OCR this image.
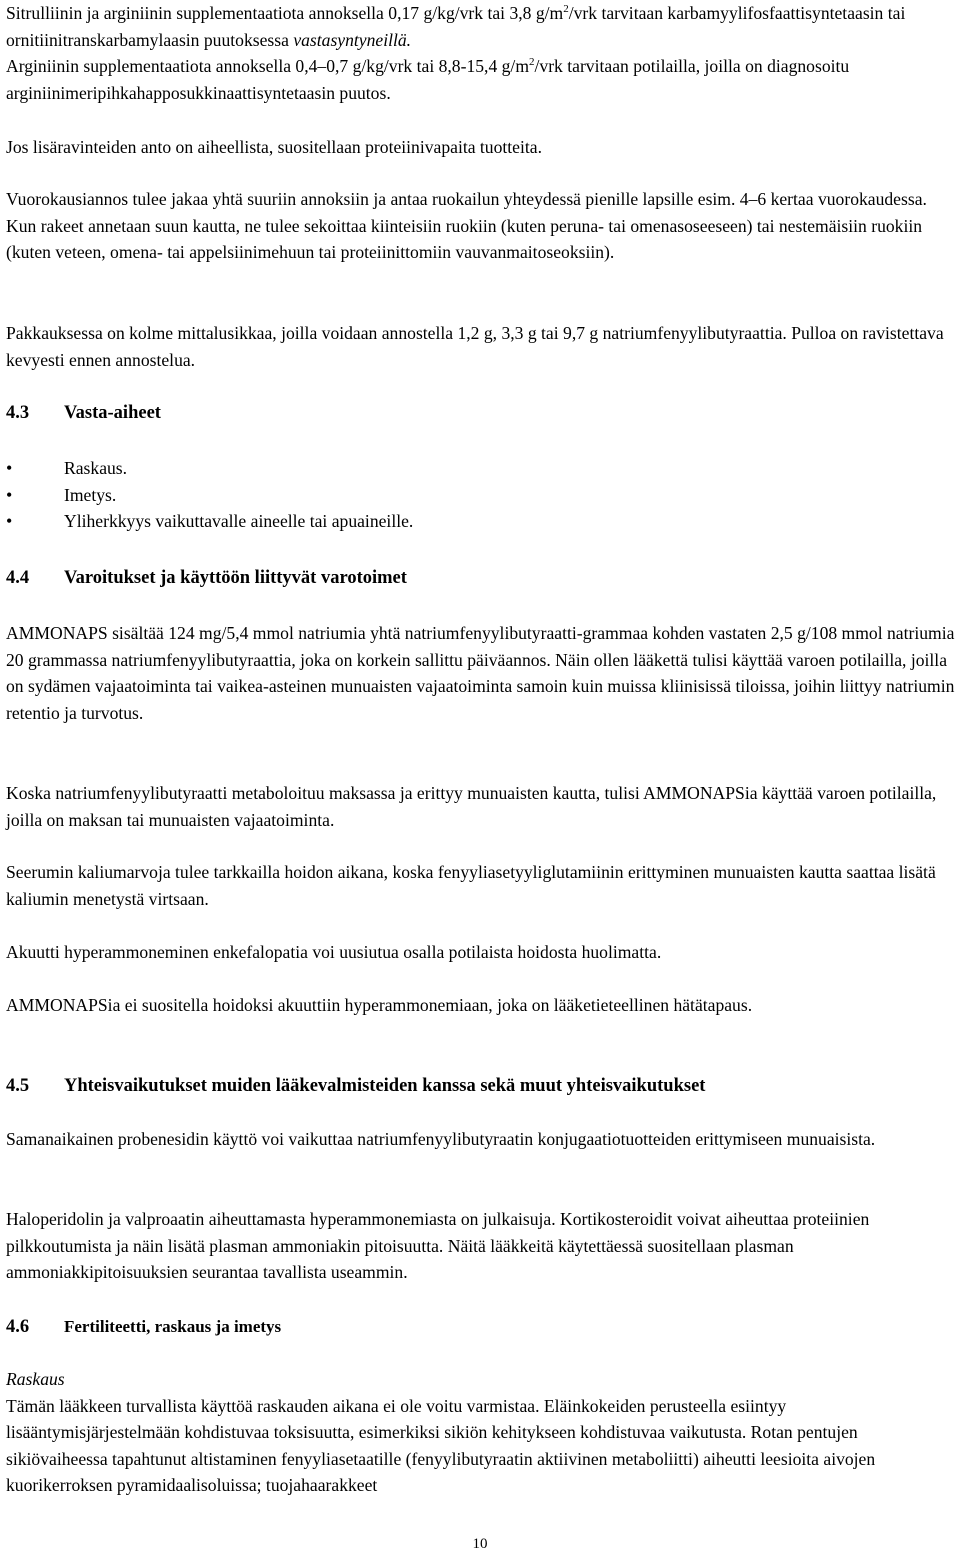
Sitrulliinin ja arginiinin supplementaatiota annoksella 0,17 g/kg/vrk tai 3,8 $g/m^2$/vrk tarvitaan karbamyylifosfaattisyntetaasin tai ornitiinitranskarbamylaasin puutoksessa vastasyntyneillä.

Arginiinin supplementaatiota annoksella 0,4–0,7 g/kg/vrk tai 8,8-15,4 $g/m^2$/vrk tarvitaan potilailla, joilla on diagnosoitu arginiinimeripihkahapposukkinaattisyntetaasin puutos.

Jos lisäravinteiden anto on aiheellista, suositellaan proteiinivapaita tuotteita.

Vuorokausiannos tulee jakaa yhtä suuriin annoksiin ja antaa ruokailun yhteydessä pienille lapsille esim. 4–6 kertaa vuorokaudessa. Kun rakeet annetaan suun kautta, ne tulee sekoittaa kiinteisiin ruokiin (kuten peruna- tai omenasoseeseen) tai nestemäisiin ruokiin (kuten veteen, omena- tai appelsiinimehuun tai proteiinittomiin vauvanmaitoseoksiin).

Pakkauksessa on kolme mittalusikkaa, joilla voidaan annostella 1,2 g, 3,3 g tai 9,7 g natriumfenyylibutyraattia. Pulloa on ravistettava kevyesti ennen annostelua.

4.3 Vasta-aiheet
• Raskaus.
• Imetys.
• Yliherkkyys vaikuttavalle aineelle tai apuaineille.
4.4 Varoitukset ja käyttöön liittyvät varotoimet

AMMONAPS sisältää 124 mg/5,4 mmol natriumia yhtä natriumfenyylibutyraatti-grammaa kohden vastaten 2,5 g/108 mmol natriumia 20 grammassa natriumfenyylibutyraattia, joka on korkein sallittu päiväannos. Näin ollen lääkettä tulisi käyttää varoen potilailla, joilla on sydämen vajaatoiminta tai vaikea-asteinen munuaisten vajaatoiminta samoin kuin muissa kliinisissä tiloissa, joihin liittyy natriumin retentio ja turvotus.

Koska natriumfenyylibutyraatti metaboloituu maksassa ja erittyy munuaisten kautta, tulisi AMMONAPSia käyttää varoen potilailla, joilla on maksan tai munuaisten vajaatoiminta.

Seerumin kaliumarvoja tulee tarkkailla hoidon aikana, koska fenyyliasetyyliglutamiinin erittyminen munuaisten kautta saattaa lisätä kaliumin menetystä virtsaan.

Akuutti hyperammoneminen enkefalopatia voi uusiutua osalla potilaista hoidosta huolimatta.

AMMONAPSia ei suositella hoidoksi akuuttiin hyperammonemiaan, joka on lääketieteellinen hätätapaus.

4.5 Yhteisvaikutukset muiden lääkevalmisteiden kanssa sekä muut yhteisvaikutukset

Samanaikainen probenesidin käyttö voi vaikuttaa natriumfenyylibutyraatin konjugaatiotuotteiden erittymiseen munuaisista.

Haloperidolin ja valproaatin aiheuttamasta hyperammonemiasta on julkaisuja. Kortikosteroidit voivat aiheuttaa proteiinien pilkkoutumista ja näin lisätä plasman ammoniakin pitoisuutta. Näitä lääkkeitä käytettäessä suositellaan plasman ammoniakkipitoisuuksien seurantaa tavallista useammin.

4.6 Fertiliteetti, raskaus ja imetys

Raskaus

Tämän lääkkeen turvallista käyttöä raskauden aikana ei ole voitu varmistaa. Eläinkokeiden perusteella esiintyy lisääntymisjärjestelmään kohdistuvaa toksisuutta, esimerkiksi sikiön kehitykseen kohdistuvaa vaikutusta. Rotan pentujen sikiövaiheessa tapahtunut altistaminen fenyyliasetaatille (fenyylibutyraatin aktiivinen metaboliitti) aiheutti leesioita aivojen kuorikerroksen pyramidaalisoluissa; tuojahaarakkeet

10
